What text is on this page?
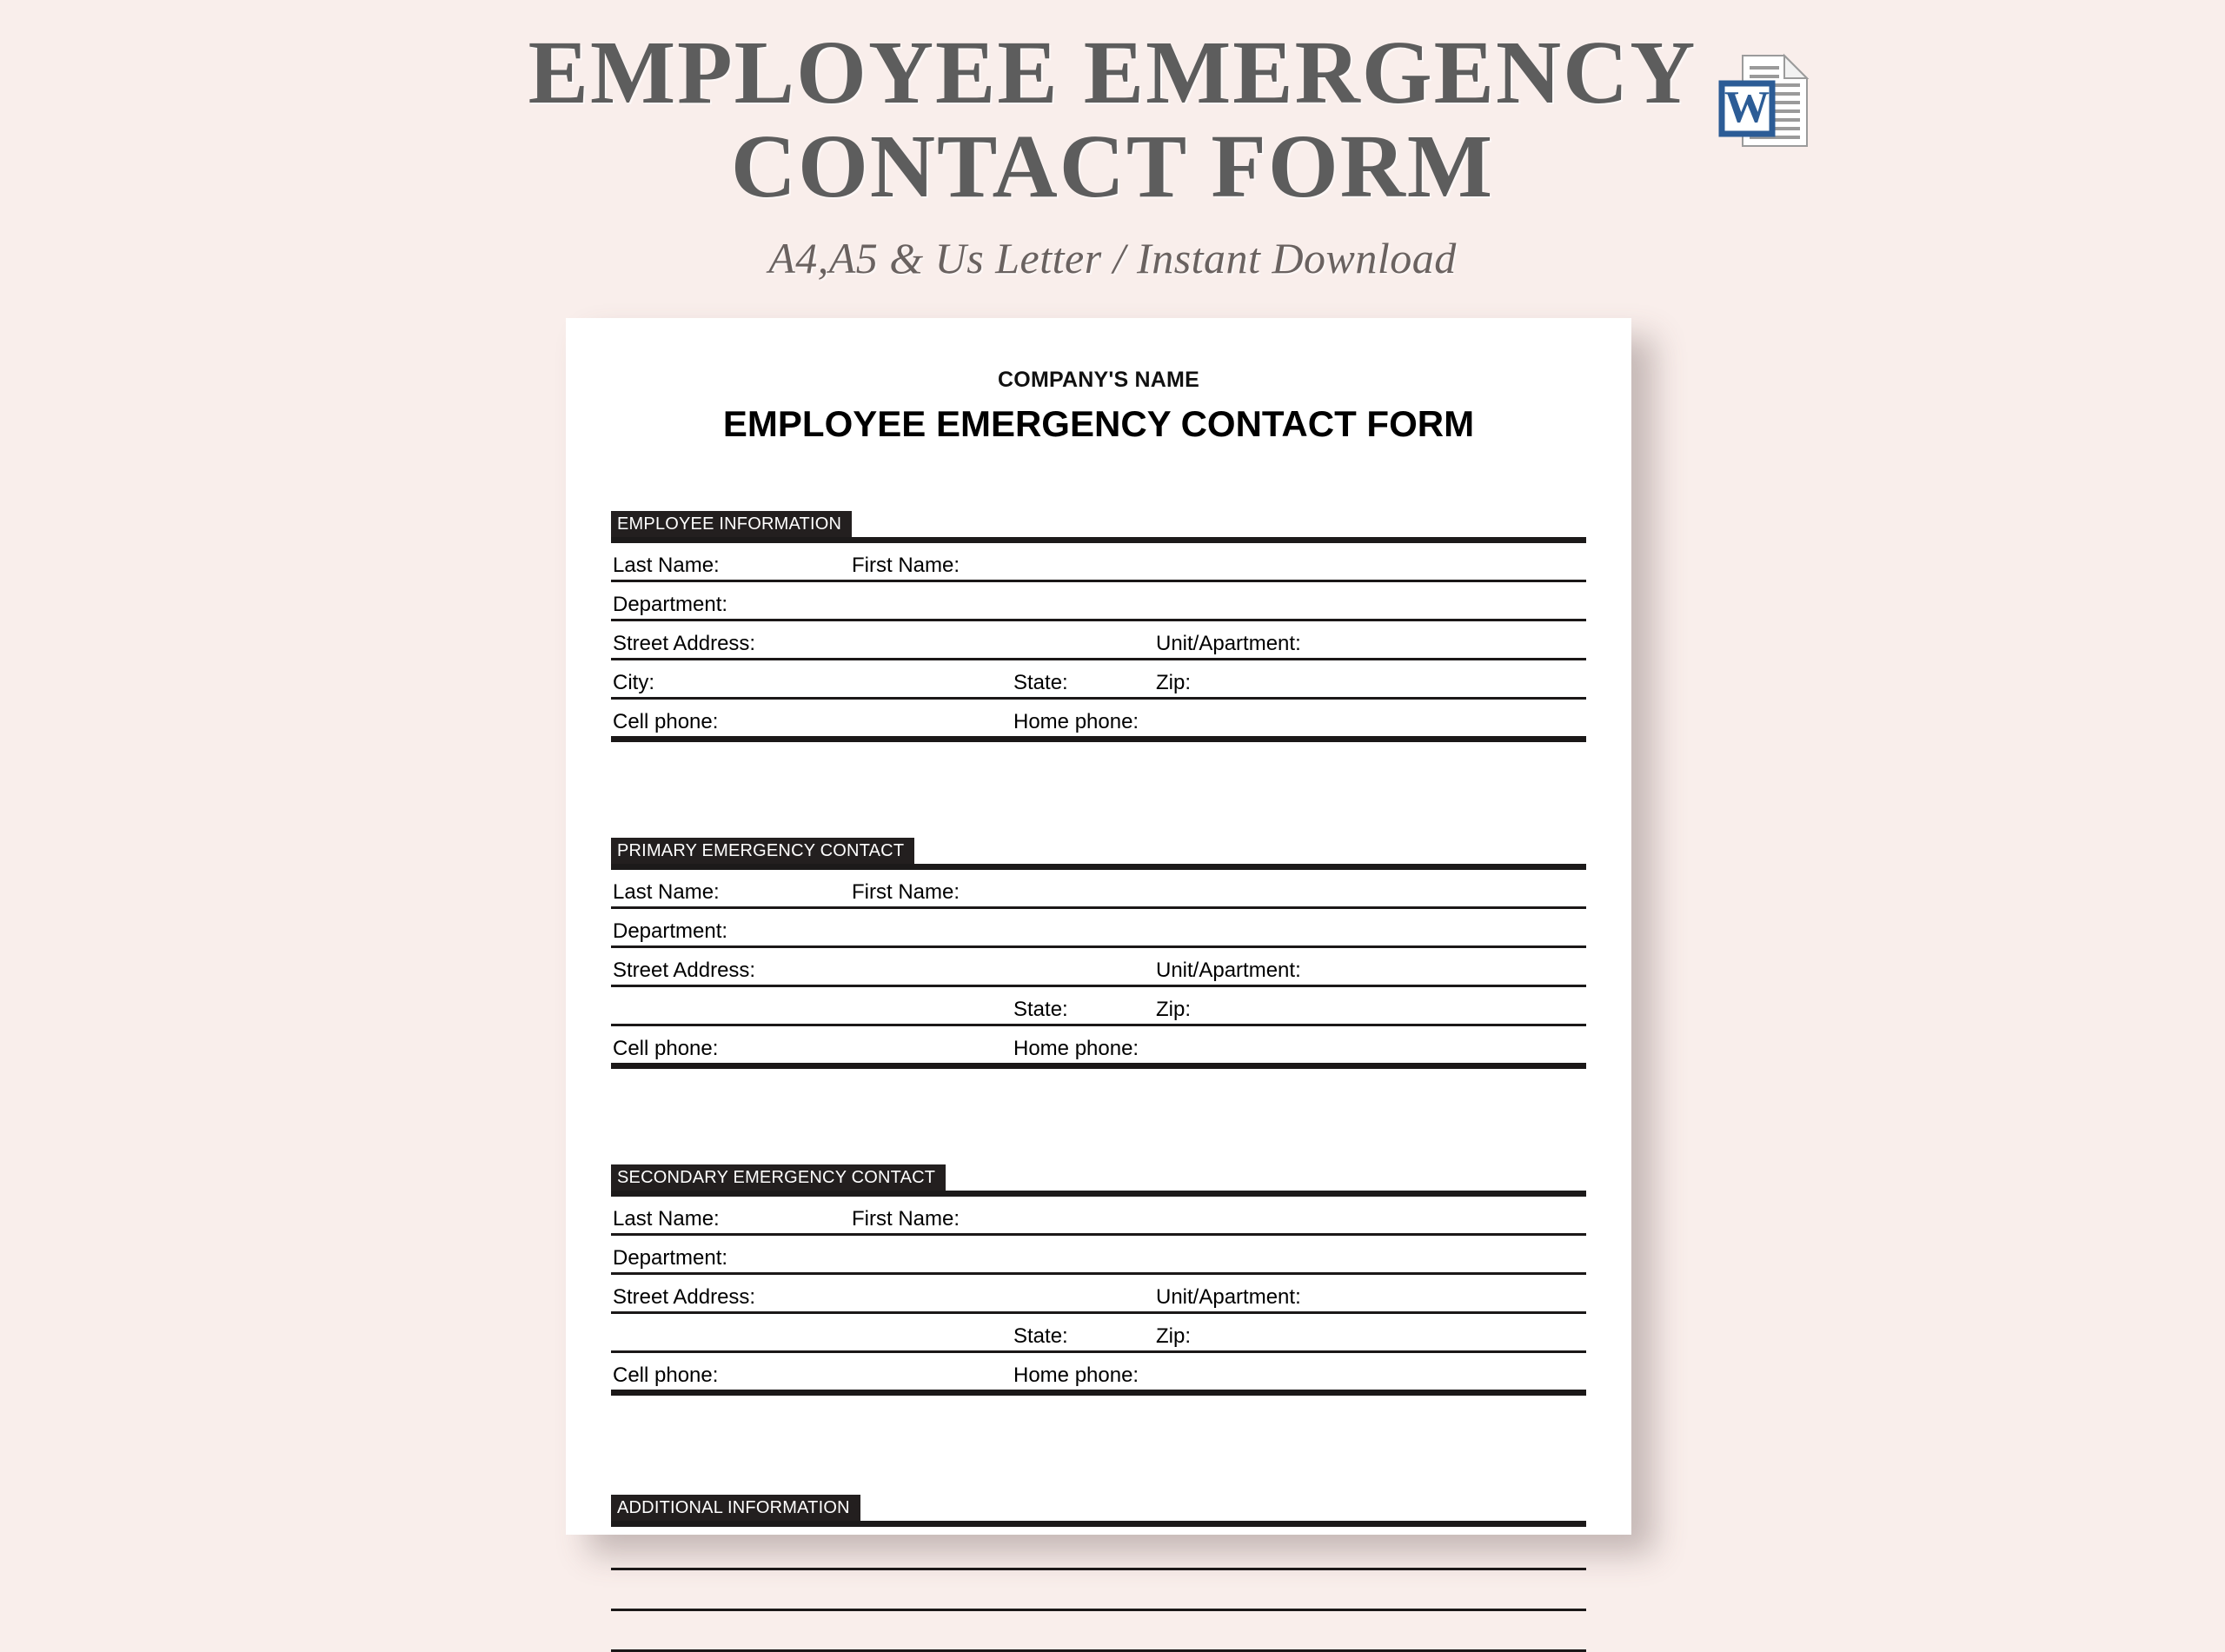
EMPLOYEE EMERGENCY
CONTACT FORM
A4,A5 & Us Letter / Instant Download
W
COMPANY'S NAME
EMPLOYEE EMERGENCY CONTACT FORM
EMPLOYEE INFORMATION
Last Name:	First Name:
Department:
Street Address:	Unit/Apartment:
City:	State:	Zip:
Cell phone:	Home phone:
PRIMARY EMERGENCY CONTACT
Last Name:	First Name:
Department:
Street Address:	Unit/Apartment:
State:	Zip:
Cell phone:	Home phone:
SECONDARY EMERGENCY CONTACT
Last Name:	First Name:
Department:
Street Address:	Unit/Apartment:
State:	Zip:
Cell phone:	Home phone:
ADDITIONAL INFORMATION
